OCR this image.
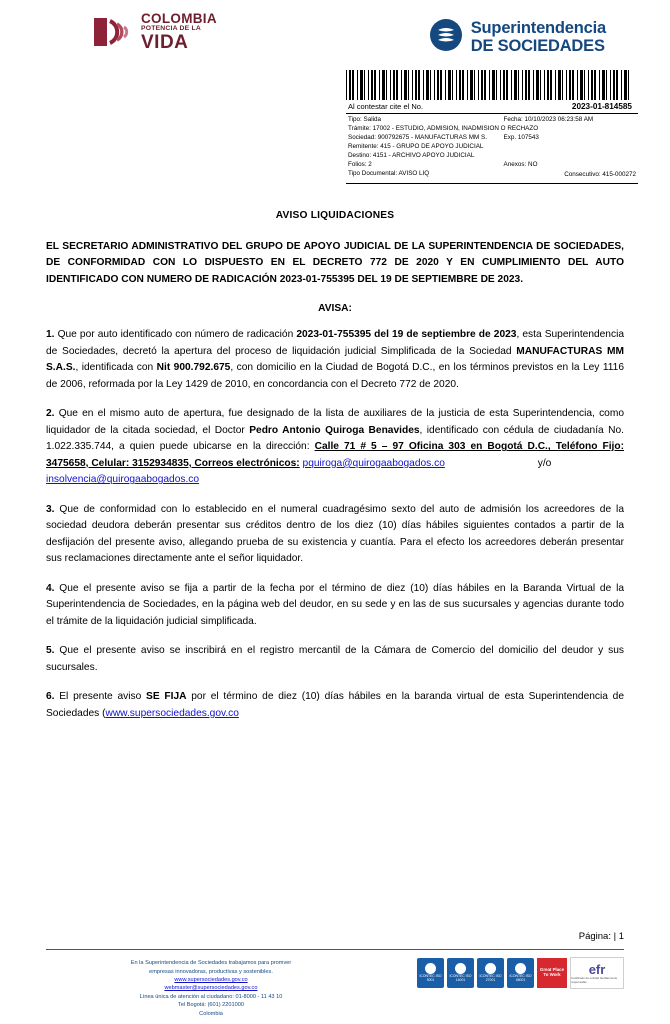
COLOMBIA
POTENCIA DE LA
VIDA
Superintendencia
DE SOCIEDADES
Al contestar cite el No.	2023-01-814585
Tipo: Salida	Fecha: 10/10/2023 06:23:58 AM
Trámite: 17002 - ESTUDIO, ADMISION, INADMISION O RECHAZO
Sociedad: 900792675 - MANUFACTURAS MM S.	Exp. 107543
Remitente: 415 - GRUPO DE APOYO JUDICIAL
Destino: 4151 - ARCHIVO APOYO JUDICIAL
Folios: 2	Anexos: NO
Tipo Documental: AVISO LIQ	Consecutivo: 415-000272
AVISO LIQUIDACIONES

EL SECRETARIO ADMINISTRATIVO DEL GRUPO DE APOYO JUDICIAL DE LA SUPERINTENDENCIA DE SOCIEDADES, DE CONFORMIDAD CON LO DISPUESTO EN EL DECRETO 772 DE 2020 Y EN CUMPLIMIENTO DEL AUTO IDENTIFICADO CON NUMERO DE RADICACIÓN 2023-01-755395 DEL 19 DE SEPTIEMBRE DE 2023.

AVISA:

1. Que por auto identificado con número de radicación 2023-01-755395 del 19 de septiembre de 2023, esta Superintendencia de Sociedades, decretó la apertura del proceso de liquidación judicial Simplificada de la Sociedad MANUFACTURAS MM S.A.S., identificada con Nit 900.792.675, con domicilio en la Ciudad de Bogotá D.C., en los términos previstos en la Ley 1116 de 2006, reformada por la Ley 1429 de 2010, en concordancia con el Decreto 772 de 2020.

2. Que en el mismo auto de apertura, fue designado de la lista de auxiliares de la justicia de esta Superintendencia, como liquidador de la citada sociedad, el Doctor Pedro Antonio Quiroga Benavides, identificado con cédula de ciudadanía No. 1.022.335.744, a quien puede ubicarse en la dirección: Calle 71 # 5 – 97 Oficina 303 en Bogotá D.C., Teléfono Fijo: 3475658, Celular: 3152934835, Correos electrónicos: pquiroga@quirogaabogados.co	y/o
insolvencia@quirogaabogados.co

3. Que de conformidad con lo establecido en el numeral cuadragésimo sexto del auto de admisión los acreedores de la sociedad deudora deberán presentar sus créditos dentro de los diez (10) días hábiles siguientes contados a partir de la desfijación del presente aviso, allegando prueba de su existencia y cuantía. Para el efecto los acreedores deberán presentar sus reclamaciones directamente ante el señor liquidador.

4. Que el presente aviso se fija a partir de la fecha por el término de diez (10) días hábiles en la Baranda Virtual de la Superintendencia de Sociedades, en la página web del deudor, en su sede y en las de sus sucursales y agencias durante todo el trámite de la liquidación judicial simplificada.

5. Que el presente aviso se inscribirá en el registro mercantil de la Cámara de Comercio del domicilio del deudor y sus sucursales.

6. El presente aviso SE FIJA por el término de diez (10) días hábiles en la baranda virtual de esta Superintendencia de Sociedades (www.supersociedades.gov.co

Página: | 1
En la Superintendencia de Sociedades trabajamos para promver
empresas innovadoras, productivas y sostenibles.
www.supersociedades.gov.co
webmaster@supersociedades.gov.co
Línea única de atención al ciudadano: 01-8000 - 11 43 10
Tel Bogotá: (601) 2201000
Colombia
ICONTEC ISO 9001
ICONTEC ISO 14001
ICONTEC ISO 27001
ICONTEC ISO 45001
Great Place To Work	efr
Certificado de entidad familiarmente responsable
